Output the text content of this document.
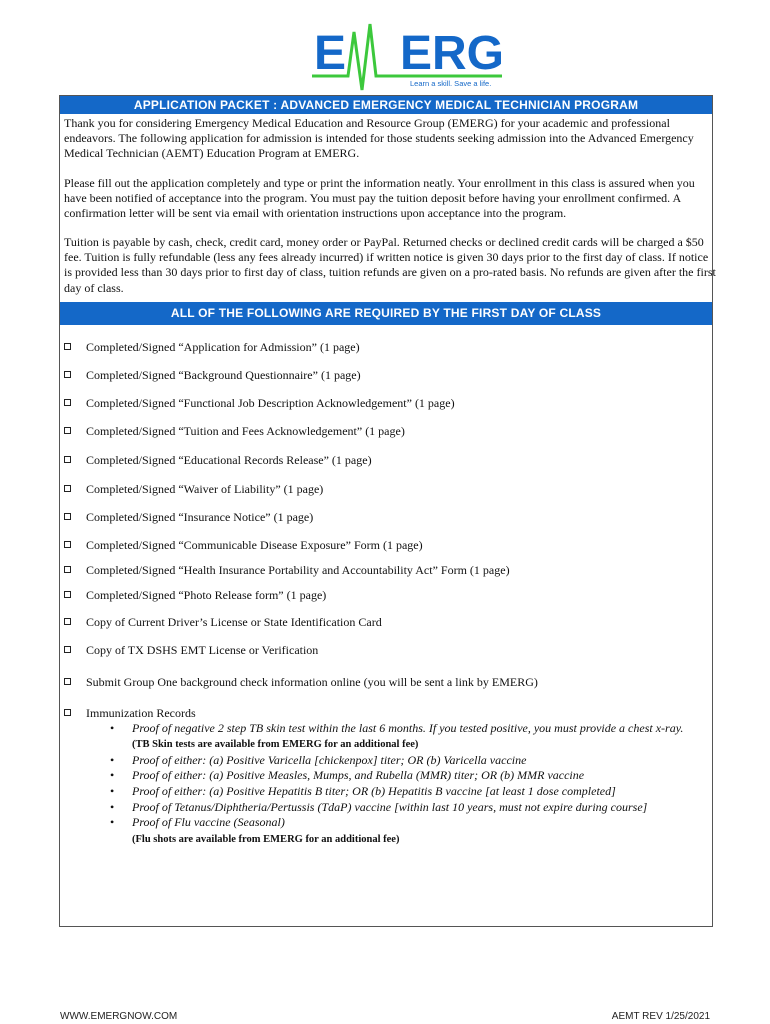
E ERG
Learn a skill. Save a life.
APPLICATION PACKET : ADVANCED EMERGENCY MEDICAL TECHNICIAN PROGRAM

Thank you for considering Emergency Medical Education and Resource Group (EMERG) for your academic and professional endeavors. The following application for admission is intended for those students seeking admission into the Advanced Emergency Medical Technician (AEMT) Education Program at EMERG.

Please fill out the application completely and type or print the information neatly. Your enrollment in this class is assured when you have been notified of acceptance into the program. You must pay the tuition deposit before having your enrollment confirmed. A confirmation letter will be sent via email with orientation instructions upon acceptance into the program.

Tuition is payable by cash, check, credit card, money order or PayPal. Returned checks or declined credit cards will be charged a $50 fee. Tuition is fully refundable (less any fees already incurred) if written notice is given 30 days prior to the first day of class. If notice is provided less than 30 days prior to first day of class, tuition refunds are given on a pro-rated basis. No refunds are given after the first day of class.

ALL OF THE FOLLOWING ARE REQUIRED BY THE FIRST DAY OF CLASS
Completed/Signed “Application for Admission” (1 page)
Completed/Signed “Background Questionnaire” (1 page)
Completed/Signed “Functional Job Description Acknowledgement” (1 page)
Completed/Signed “Tuition and Fees Acknowledgement” (1 page)
Completed/Signed “Educational Records Release” (1 page)
Completed/Signed “Waiver of Liability” (1 page)
Completed/Signed “Insurance Notice” (1 page)
Completed/Signed “Communicable Disease Exposure” Form (1 page)
Completed/Signed “Health Insurance Portability and Accountability Act” Form (1 page)
Completed/Signed “Photo Release form” (1 page)
Copy of Current Driver’s License or State Identification Card
Copy of TX DSHS EMT License or Verification
Submit Group One background check information online (you will be sent a link by EMERG)
Immunization Records
• Proof of negative 2 step TB skin test within the last 6 months. If you tested positive, you must provide a chest x-ray.
(TB Skin tests are available from EMERG for an additional fee)
• Proof of either: (a) Positive Varicella [chickenpox] titer; OR (b) Varicella vaccine
• Proof of either: (a) Positive Measles, Mumps, and Rubella (MMR) titer; OR (b) MMR vaccine
• Proof of either: (a) Positive Hepatitis B titer; OR (b) Hepatitis B vaccine [at least 1 dose completed]
• Proof of Tetanus/Diphtheria/Pertussis (TdaP) vaccine [within last 10 years, must not expire during course]
• Proof of Flu vaccine (Seasonal)
(Flu shots are available from EMERG for an additional fee)
WWW.EMERGNOW.COM	AEMT REV 1/25/2021
